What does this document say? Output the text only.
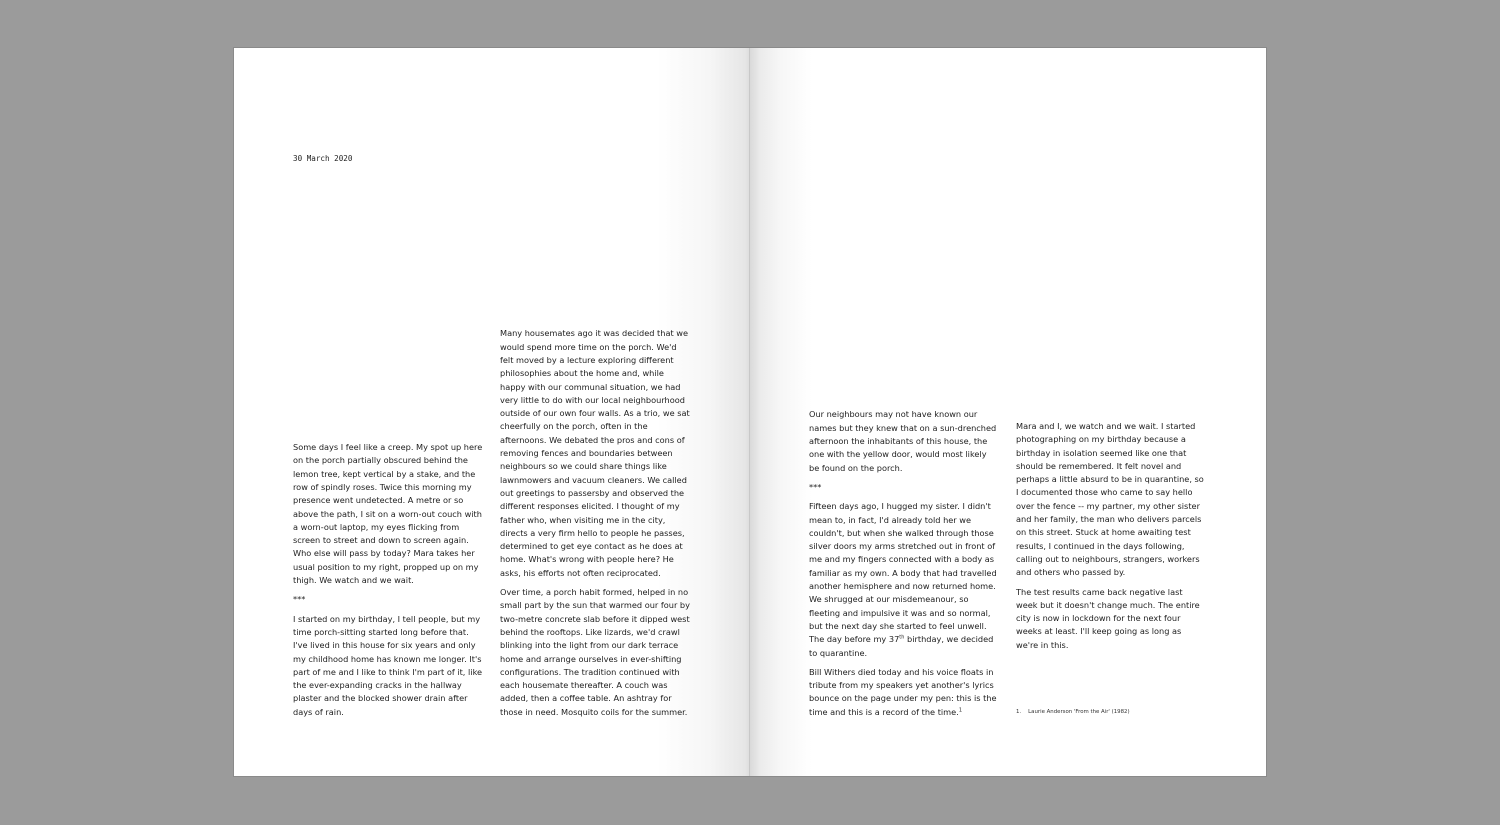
30 March 2020

Some days I feel like a creep. My spot up here on the porch partially obscured behind the lemon tree, kept vertical by a stake, and the row of spindly roses. Twice this morning my presence went undetected. A metre or so above the path, I sit on a worn-out couch with a worn-out laptop, my eyes flicking from screen to street and down to screen again. Who else will pass by today? Mara takes her usual position to my right, propped up on my thigh. We watch and we wait.

***

I started on my birthday, I tell people, but my time porch-sitting started long before that. I've lived in this house for six years and only my childhood home has known me longer. It's part of me and I like to think I'm part of it, like the ever-expanding cracks in the hallway plaster and the blocked shower drain after days of rain.

Many housemates ago it was decided that we would spend more time on the porch. We'd felt moved by a lecture exploring different philosophies about the home and, while happy with our communal situation, we had very little to do with our local neighbourhood outside of our own four walls. As a trio, we sat cheerfully on the porch, often in the afternoons. We debated the pros and cons of removing fences and boundaries between neighbours so we could share things like lawnmowers and vacuum cleaners. We called out greetings to passersby and observed the different responses elicited. I thought of my father who, when visiting me in the city, directs a very firm hello to people he passes, determined to get eye contact as he does at home. What's wrong with people here? He asks, his efforts not often reciprocated.

Over time, a porch habit formed, helped in no small part by the sun that warmed our four by two-metre concrete slab before it dipped west behind the rooftops. Like lizards, we'd crawl blinking into the light from our dark terrace home and arrange ourselves in ever-shifting configurations. The tradition continued with each housemate thereafter. A couch was added, then a coffee table. An ashtray for those in need. Mosquito coils for the summer.

Our neighbours may not have known our names but they knew that on a sun-drenched afternoon the inhabitants of this house, the one with the yellow door, would most likely be found on the porch.

***

Fifteen days ago, I hugged my sister. I didn't mean to, in fact, I'd already told her we couldn't, but when she walked through those silver doors my arms stretched out in front of me and my fingers connected with a body as familiar as my own. A body that had travelled another hemisphere and now returned home. We shrugged at our misdemeanour, so fleeting and impulsive it was and so normal, but the next day she started to feel unwell. The day before my 37th birthday, we decided to quarantine.

Bill Withers died today and his voice floats in tribute from my speakers yet another's lyrics bounce on the page under my pen: this is the time and this is a record of the time.$^1$

Mara and I, we watch and we wait. I started photographing on my birthday because a birthday in isolation seemed like one that should be remembered. It felt novel and perhaps a little absurd to be in quarantine, so I documented those who came to say hello over the fence -- my partner, my other sister and her family, the man who delivers parcels on this street. Stuck at home awaiting test results, I continued in the days following, calling out to neighbours, strangers, workers and others who passed by.

The test results came back negative last week but it doesn't change much. The entire city is now in lockdown for the next four weeks at least. I'll keep going as long as we're in this.

1. Laurie Anderson 'From the Air' (1982)
